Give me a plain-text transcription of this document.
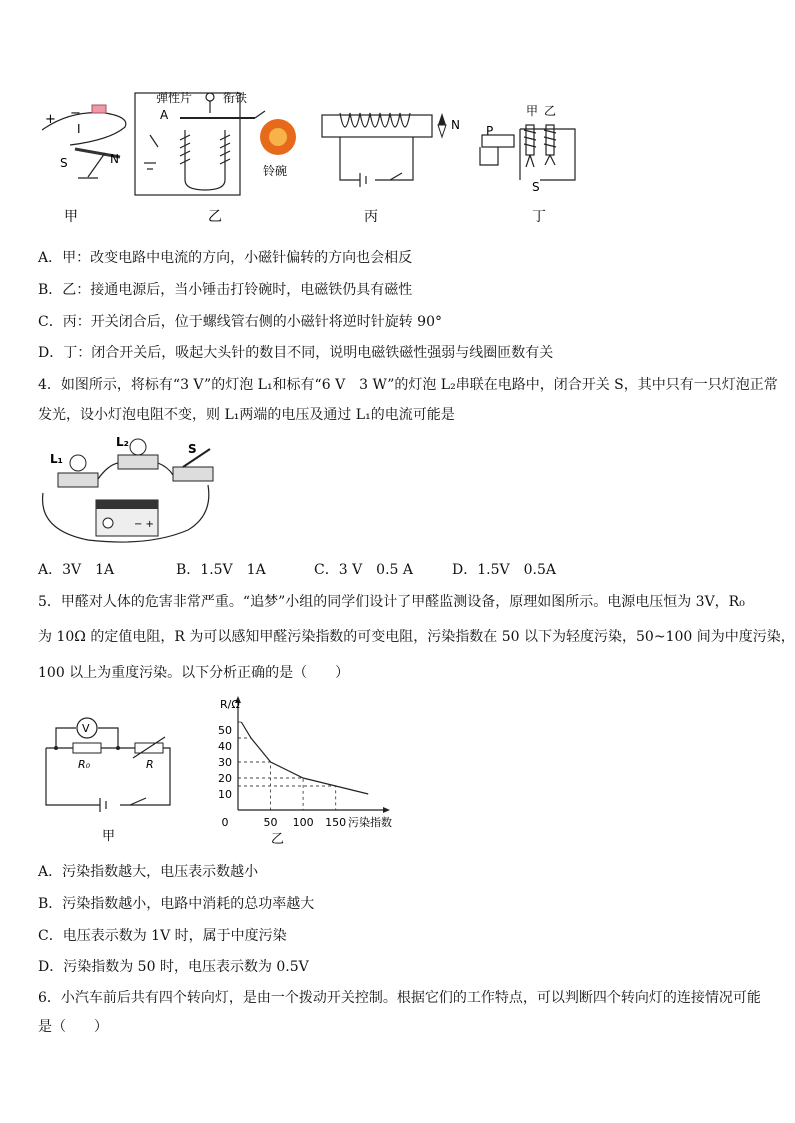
+ −
I
S	N
甲
弹性片	衔铁
A
铃碗
乙
N
丙
P
甲 乙
S
丁
A．甲：改变电路中电流的方向，小磁针偏转的方向也会相反
B．乙：接通电源后，当小锤击打铃碗时，电磁铁仍具有磁性
C．丙：开关闭合后，位于螺线管右侧的小磁针将逆时针旋转 90°
D．丁：闭合开关后，吸起大头针的数目不同，说明电磁铁磁性强弱与线圈匝数有关
4．如图所示，将标有“3 V”的灯泡 L₁和标有“6 V　3 W”的灯泡 L₂串联在电路中，闭合开关 S，其中只有一只灯泡正常
发光，设小灯泡电阻不变，则 L₁两端的电压及通过 L₁的电流可能是
L₁
L₂	S
− +
A．3V　1A	B．1.5V　1A	C．3 V　0.5 A	D．1.5V　0.5A
5．甲醛对人体的危害非常严重。“追梦”小组的同学们设计了甲醛监测设备，原理如图所示。电源电压恒为 3V，R₀
为 10Ω 的定值电阻，R 为可以感知甲醛污染指数的可变电阻，污染指数在 50 以下为轻度污染，50~100 间为中度污染，
100 以上为重度污染。以下分析正确的是（　　）
V
R₀	R
甲
10
20
30
40
50
0	50 100 150
R/Ω
污染指数
乙
A．污染指数越大，电压表示数越小
B．污染指数越小，电路中消耗的总功率越大
C．电压表示数为 1V 时，属于中度污染
D．污染指数为 50 时，电压表示数为 0.5V
6．小汽车前后共有四个转向灯，是由一个拨动开关控制。根据它们的工作特点，可以判断四个转向灯的连接情况可能
是（　　）
